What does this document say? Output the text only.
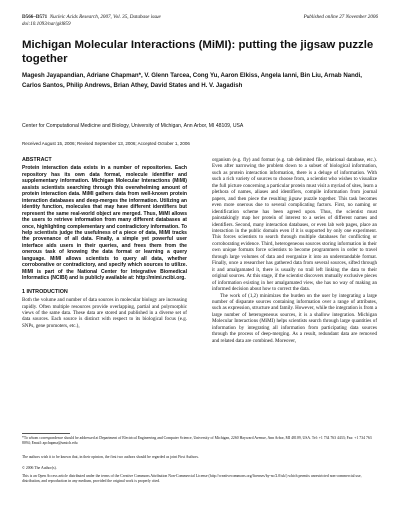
D566–D571 Nucleic Acids Research, 2007, Vol. 35, Database issue
doi:10.1093/nar/gkl859
Published online 27 November 2006
Michigan Molecular Interactions (MiMI): putting the jigsaw puzzle together
Magesh Jayapandian, Adriane Chapman*, V. Glenn Tarcea, Cong Yu, Aaron Elkiss, Angela Ianni, Bin Liu, Arnab Nandi, Carlos Santos, Philip Andrews, Brian Athey, David States and H. V. Jagadish
Center for Computational Medicine and Biology, University of Michigan, Ann Arbor, MI 48109, USA
Received August 15, 2006; Revised September 13, 2006; Accepted October 1, 2006
ABSTRACT

Protein interaction data exists in a number of repositories. Each repository has its own data format, molecule identifier and supplementary information. Michigan Molecular Interactions (MiMI) assists scientists searching through this overwhelming amount of protein interaction data. MiMI gathers data from well-known protein interaction databases and deep-merges the information. Utilizing an identity function, molecules that may have different identifiers but represent the same real-world object are merged. Thus, MiMI allows the users to retrieve information from many different databases at once, highlighting complementary and contradictory information. To help scientists judge the usefulness of a piece of data, MiMI tracks the provenance of all data. Finally, a simple yet powerful user interface aids users in their queries, and frees them from the onerous task of knowing the data format or learning a query language. MiMI allows scientists to query all data, whether corroborative or contradictory, and specify which sources to utilize. MiMI is part of the National Center for Integrative Biomedical Informatics (NCIBI) and is publicly available at: http://mimi.ncibi.org.

1 INTRODUCTION

Both the volume and number of data sources in molecular biology are increasing rapidly. Often multiple resources provide overlapping, partial and polymorphic views of the same data. These data are stored and published in a diverse set of data sources. Each source is distinct with respect to its biological focus (e.g. SNPs, gene promoters, etc.),

organism (e.g. fly) and format (e.g. tab delimited file, relational database, etc.). Even after narrowing the problem down to a subset of biological information, such as protein interaction information, there is a deluge of information. With such a rich variety of sources to choose from, a scientist who wishes to visualize the full picture concerning a particular protein must visit a myriad of sites, learn a plethora of names, aliases and identifiers, compile information from journal papers, and then piece the resulting jigsaw puzzle together. This task becomes even more onerous due to several complicating factors. First, no naming or identification scheme has been agreed upon. Thus, the scientist must painstakingly map her protein of interest to a series of different names and identifiers. Second, many interaction databases, or even lab web pages, place an interaction in the public domain even if it is supported by only one experiment. This forces scientists to search through multiple databases for conflicting or corroborating evidence. Third, heterogeneous sources storing information in their own unique formats force scientists to become programmers in order to travel through large volumes of data and reorganize it into an understandable format. Finally, once a researcher has gathered data from several sources, sifted through it and amalgamated it, there is usually no trail left linking the data to their original sources. At this stage, if the scientist discovers mutually exclusive pieces of information existing in her amalgamated view, she has no way of making an informed decision about how to correct the data.

The work of (1,2) minimizes the burden on the user by integrating a large number of disparate sources containing information over a range of attributes, such as expression, structure and family. However, while the integration is from a large number of heterogeneous sources, it is a shallow integration. Michigan Molecular Interactions (MiMI) helps scientists search through large quantities of information by integrating all information from participating data sources through the process of deep-merging. As a result, redundant data are removed and related data are combined. Moreover,

*To whom correspondence should be addressed at Department of Electrical Engineering and Computer Science, University of Michigan, 2260 Hayward Avenue, Ann Arbor, MI 48109, USA. Tel: +1 734 763 4433; Fax: +1 734 763 8094; Email: apchapma@umich.edu
The authors wish it to be known that, in their opinion, the first two authors should be regarded as joint First Authors.
© 2006 The Author(s).
This is an Open Access article distributed under the terms of the Creative Commons Attribution Non-Commercial License (http://creativecommons.org/licenses/by-nc/2.0/uk/) which permits unrestricted non-commercial use, distribution, and reproduction in any medium, provided the original work is properly cited.
